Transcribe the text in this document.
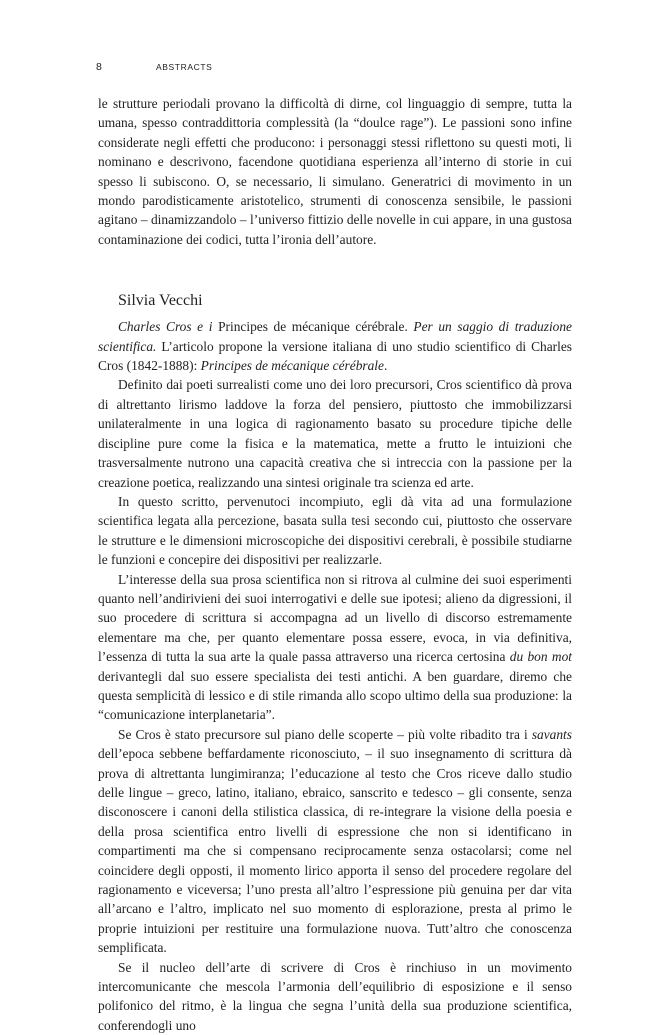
8	ABSTRACTS

le strutture periodali provano la difficoltà di dirne, col linguaggio di sempre, tutta la umana, spesso contraddittoria complessità (la “doulce rage”). Le passioni sono infine considerate negli effetti che producono: i personaggi stessi riflettono su questi moti, li nominano e descrivono, facendone quotidiana esperienza all’interno di storie in cui spesso li subiscono. O, se necessario, li simulano. Generatrici di movimento in un mondo parodisticamente aristotelico, strumenti di conoscenza sensibile, le passioni agitano – dinamizzandolo – l’universo fittizio delle novelle in cui appare, in una gustosa contaminazione dei codici, tutta l’ironia dell’autore.

Silvia Vecchi

Charles Cros e i Principes de mécanique cérébrale. Per un saggio di traduzione scientifica. L’articolo propone la versione italiana di uno studio scientifico di Charles Cros (1842-1888): Principes de mécanique cérébrale.

Definito dai poeti surrealisti come uno dei loro precursori, Cros scientifico dà prova di altrettanto lirismo laddove la forza del pensiero, piuttosto che immobilizzarsi unilateralmente in una logica di ragionamento basato su procedure tipiche delle discipline pure come la fisica e la matematica, mette a frutto le intuizioni che trasversalmente nutrono una capacità creativa che si intreccia con la passione per la creazione poetica, realizzando una sintesi originale tra scienza ed arte.

In questo scritto, pervenutoci incompiuto, egli dà vita ad una formulazione scientifica legata alla percezione, basata sulla tesi secondo cui, piuttosto che osservare le strutture e le dimensioni microscopiche dei dispositivi cerebrali, è possibile studiarne le funzioni e concepire dei dispositivi per realizzarle.

L’interesse della sua prosa scientifica non si ritrova al culmine dei suoi esperimenti quanto nell’andirivieni dei suoi interrogativi e delle sue ipotesi; alieno da digressioni, il suo procedere di scrittura si accompagna ad un livello di discorso estremamente elementare ma che, per quanto elementare possa essere, evoca, in via definitiva, l’essenza di tutta la sua arte la quale passa attraverso una ricerca certosina du bon mot derivantegli dal suo essere specialista dei testi antichi. A ben guardare, diremo che questa semplicità di lessico e di stile rimanda allo scopo ultimo della sua produzione: la “comunicazione interplanetaria”.

Se Cros è stato precursore sul piano delle scoperte – più volte ribadito tra i savants dell’epoca sebbene beffardamente riconosciuto, – il suo insegnamento di scrittura dà prova di altrettanta lungimiranza; l’educazione al testo che Cros riceve dallo studio delle lingue – greco, latino, italiano, ebraico, sanscrito e tedesco – gli consente, senza disconoscere i canoni della stilistica classica, di re-integrare la visione della poesia e della prosa scientifica entro livelli di espressione che non si identificano in compartimenti ma che si compensano reciprocamente senza ostacolarsi; come nel coincidere degli opposti, il momento lirico apporta il senso del procedere regolare del ragionamento e viceversa; l’uno presta all’altro l’espressione più genuina per dar vita all’arcano e l’altro, implicato nel suo momento di esplorazione, presta al primo le proprie intuizioni per restituire una formulazione nuova. Tutt’altro che conoscenza semplificata.

Se il nucleo dell’arte di scrivere di Cros è rinchiuso in un movimento intercomunicante che mescola l’armonia dell’equilibrio di esposizione e il senso polifonico del ritmo, è la lingua che segna l’unità della sua produzione scientifica, conferendogli uno
